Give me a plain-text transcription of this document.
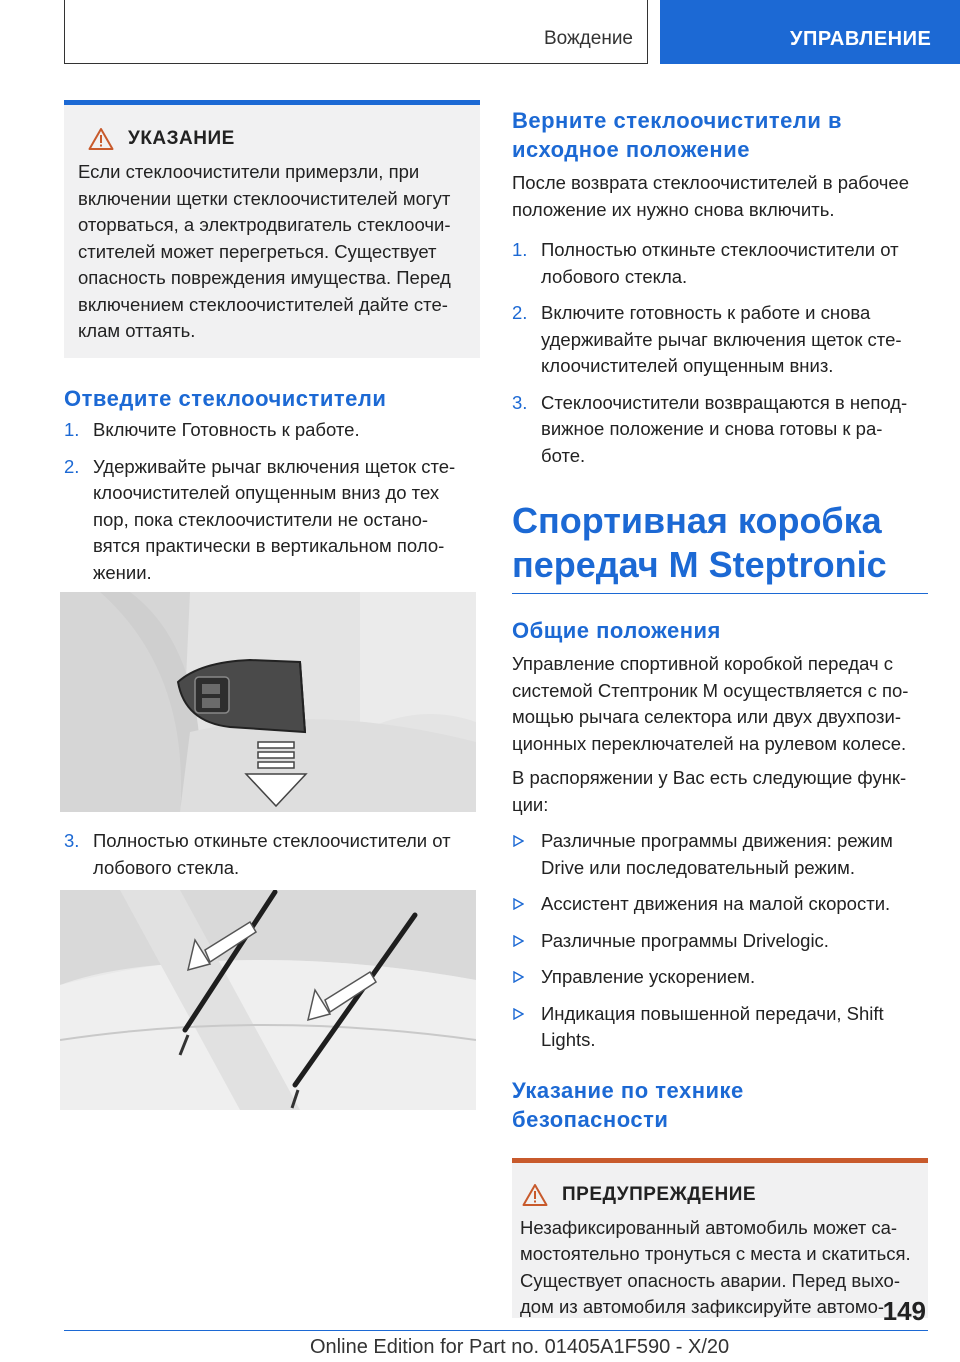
Вождение	УПРАВЛЕНИЕ
УКАЗАНИЕ

Если стеклоочистители примерзли, при
включении щетки стеклоочистителей могут
оторваться, а электродвигатель стеклоочи-
стителей может перегреться. Существует
опасность повреждения имущества. Перед
включением стеклоочистителей дайте сте-
клам оттаять.

Отведите стеклоочистители
1. Включите Готовность к работе.
2. Удерживайте рычаг включения щеток сте-
клоочистителей опущенным вниз до тех
пор, пока стеклоочистители не остано-
вятся практически в вертикальном поло-
жении.
3. Полностью откиньте стеклоочистители от
лобового стекла.
Верните стеклоочистители в
исходное положение

После возврата стеклоочистителей в рабочее
положение их нужно снова включить.

1. Полностью откиньте стеклоочистители от
лобового стекла.
2. Включите готовность к работе и снова
удерживайте рычаг включения щеток сте-
клоочистителей опущенным вниз.
3. Стеклоочистители возвращаются в непод-
вижное положение и снова готовы к ра-
боте.
Спортивная коробка
передач M Steptronic
Общие положения

Управление спортивной коробкой передач с
системой Стептроник М осуществляется с по-
мощью рычага селектора или двух двухпози-
ционных переключателей на рулевом колесе.

В распоряжении у Вас есть следующие функ-
ции:

Различные программы движения: режим
Drive или последовательный режим.
Ассистент движения на малой скорости.
Различные программы Drivelogic.
Управление ускорением.
Индикация повышенной передачи, Shift
Lights.
Указание по технике
безопасности
ПРЕДУПРЕЖДЕНИЕ

Незафиксированный автомобиль может са-
мостоятельно тронуться с места и скатиться.
Существует опасность аварии. Перед выхо-
дом из автомобиля зафиксируйте автомо-

149
Online Edition for Part no. 01405A1F590 - X/20
